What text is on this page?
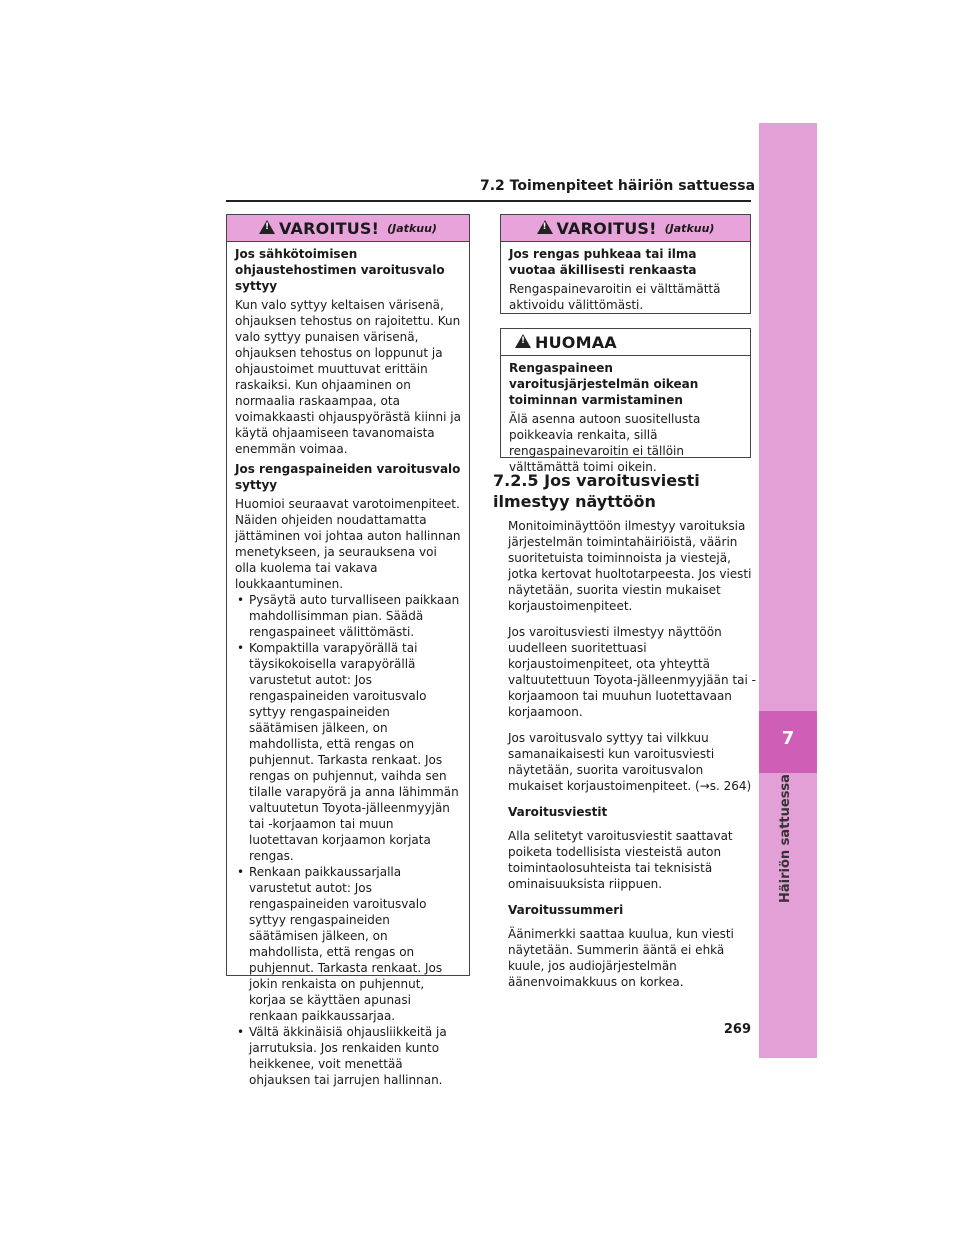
7.2 Toimenpiteet häiriön sattuessa
7
Häiriön sattuessa
!
VAROITUS! (Jatkuu)
Jos sähkötoimisen ohjaustehostimen varoitusvalo syttyy
Kun valo syttyy keltaisen värisenä, ohjauksen tehostus on rajoitettu. Kun valo syttyy punaisen värisenä, ohjauksen tehostus on loppunut ja ohjaustoimet muuttuvat erittäin raskaiksi. Kun ohjaaminen on normaalia raskaampaa, ota voimakkaasti ohjauspyörästä kiinni ja käytä ohjaamiseen tavanomaista enemmän voimaa.
Jos rengaspaineiden varoitusvalo syttyy
Huomioi seuraavat varotoimenpiteet. Näiden ohjeiden noudattamatta jättäminen voi johtaa auton hallinnan menetykseen, ja seurauksena voi olla kuolema tai vakava loukkaantuminen.
• Pysäytä auto turvalliseen paikkaan mahdollisimman pian. Säädä rengaspaineet välittömästi.
• Kompaktilla varapyörällä tai täysikokoisella varapyörällä varustetut autot: Jos rengaspaineiden varoitusvalo syttyy rengaspaineiden säätämisen jälkeen, on mahdollista, että rengas on puhjennut. Tarkasta renkaat. Jos rengas on puhjennut, vaihda sen tilalle varapyörä ja anna lähimmän valtuutetun Toyota-jälleenmyyjän tai -korjaamon tai muun luotettavan korjaamon korjata rengas.
• Renkaan paikkaussarjalla varustetut autot: Jos rengaspaineiden varoitusvalo syttyy rengaspaineiden säätämisen jälkeen, on mahdollista, että rengas on puhjennut. Tarkasta renkaat. Jos jokin renkaista on puhjennut, korjaa se käyttäen apunasi renkaan paikkaussarjaa.
• Vältä äkkinäisiä ohjausliikkeitä ja jarrutuksia. Jos renkaiden kunto heikkenee, voit menettää ohjauksen tai jarrujen hallinnan.
!
VAROITUS! (Jatkuu)
Jos rengas puhkeaa tai ilma vuotaa äkillisesti renkaasta
Rengaspainevaroitin ei välttämättä aktivoidu välittömästi.
!
HUOMAA
Rengaspaineen varoitusjärjestelmän oikean toiminnan varmistaminen
Älä asenna autoon suositellusta poikkeavia renkaita, sillä rengaspainevaroitin ei tällöin välttämättä toimi oikein.
7.2.5 Jos varoitusviesti ilmestyy näyttöön
Monitoiminäyttöön ilmestyy varoituksia järjestelmän toimintahäiriöistä, väärin suoritetuista toiminnoista ja viestejä, jotka kertovat huoltotarpeesta. Jos viesti näytetään, suorita viestin mukaiset korjaustoimenpiteet.
Jos varoitusviesti ilmestyy näyttöön uudelleen suoritettuasi korjaustoimenpiteet, ota yhteyttä valtuutettuun Toyota-jälleenmyyjään tai -korjaamoon tai muuhun luotettavaan korjaamoon.
Jos varoitusvalo syttyy tai vilkkuu samanaikaisesti kun varoitusviesti näytetään, suorita varoitusvalon mukaiset korjaustoimenpiteet. (→s. 264)
Varoitusviestit
Alla selitetyt varoitusviestit saattavat poiketa todellisista viesteistä auton toimintaolosuhteista tai teknisistä ominaisuuksista riippuen.
Varoitussummeri
Äänimerkki saattaa kuulua, kun viesti näytetään. Summerin ääntä ei ehkä kuule, jos audiojärjestelmän äänenvoimakkuus on korkea.
269
